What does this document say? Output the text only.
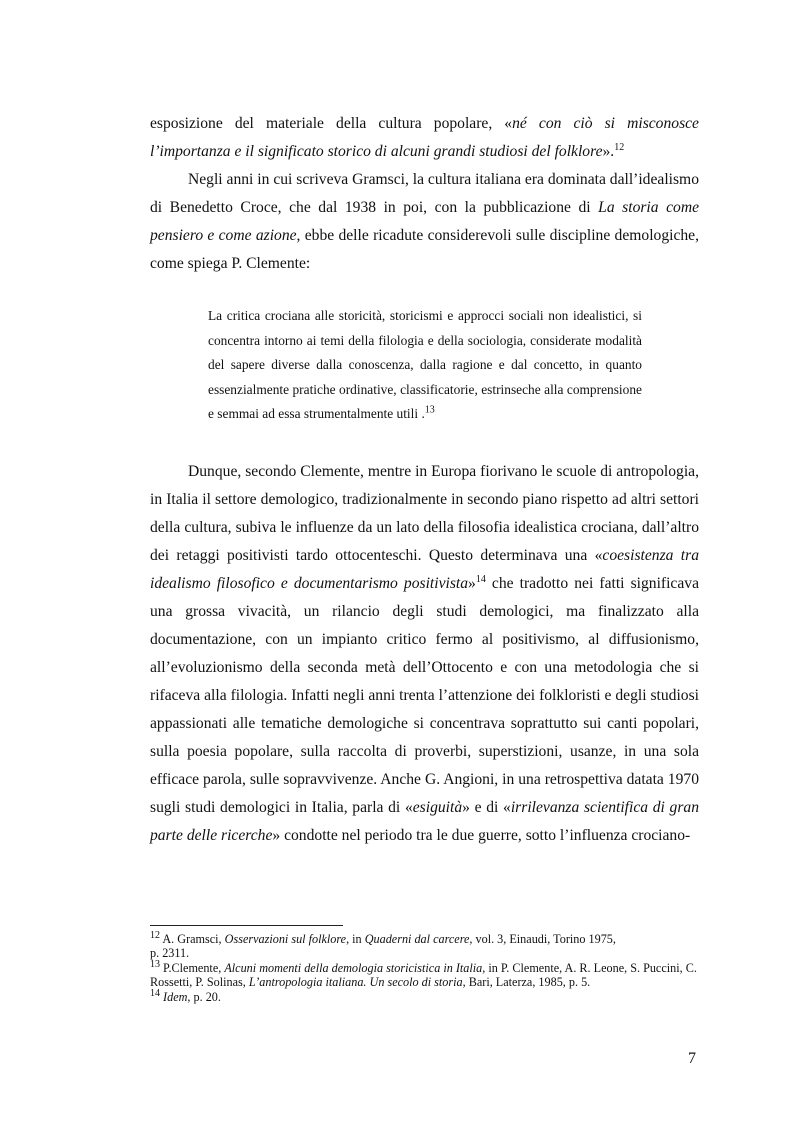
esposizione del materiale della cultura popolare, «né con ciò si misconosce l’importanza e il significato storico di alcuni grandi studiosi del folklore».$^{12}$

Negli anni in cui scriveva Gramsci, la cultura italiana era dominata dall’idealismo di Benedetto Croce, che dal 1938 in poi, con la pubblicazione di La storia come pensiero e come azione, ebbe delle ricadute considerevoli sulle discipline demologiche, come spiega P. Clemente:

La critica crociana alle storicità, storicismi e approcci sociali non idealistici, si concentra intorno ai temi della filologia e della sociologia, considerate modalità del sapere diverse dalla conoscenza, dalla ragione e dal concetto, in quanto essenzialmente pratiche ordinative, classificatorie, estrinseche alla comprensione e semmai ad essa strumentalmente utili .$^{13}$

Dunque, secondo Clemente, mentre in Europa fiorivano le scuole di antropologia, in Italia il settore demologico, tradizionalmente in secondo piano rispetto ad altri settori della cultura, subiva le influenze da un lato della filosofia idealistica crociana, dall’altro dei retaggi positivisti tardo ottocenteschi. Questo determinava una «coesistenza tra idealismo filosofico e documentarismo positivista»$^{14}$ che tradotto nei fatti significava una grossa vivacità, un rilancio degli studi demologici, ma finalizzato alla documentazione, con un impianto critico fermo al positivismo, al diffusionismo, all’evoluzionismo della seconda metà dell’Ottocento e con una metodologia che si rifaceva alla filologia. Infatti negli anni trenta l’attenzione dei folkloristi e degli studiosi appassionati alle tematiche demologiche si concentrava soprattutto sui canti popolari, sulla poesia popolare, sulla raccolta di proverbi, superstizioni, usanze, in una sola efficace parola, sulle sopravvivenze. Anche G. Angioni, in una retrospettiva datata 1970 sugli studi demologici in Italia, parla di «esiguità» e di «irrilevanza scientifica di gran parte delle ricerche» condotte nel periodo tra le due guerre, sotto l’influenza crociano-

$^{12}$ A. Gramsci, Osservazioni sul folklore, in Quaderni dal carcere, vol. 3, Einaudi, Torino 1975,
p. 2311.

$^{13}$ P.Clemente, Alcuni momenti della demologia storicistica in Italia, in P. Clemente, A. R. Leone, S. Puccini, C. Rossetti, P. Solinas, L’antropologia italiana. Un secolo di storia, Bari, Laterza, 1985, p. 5.

$^{14}$ Idem, p. 20.

7
